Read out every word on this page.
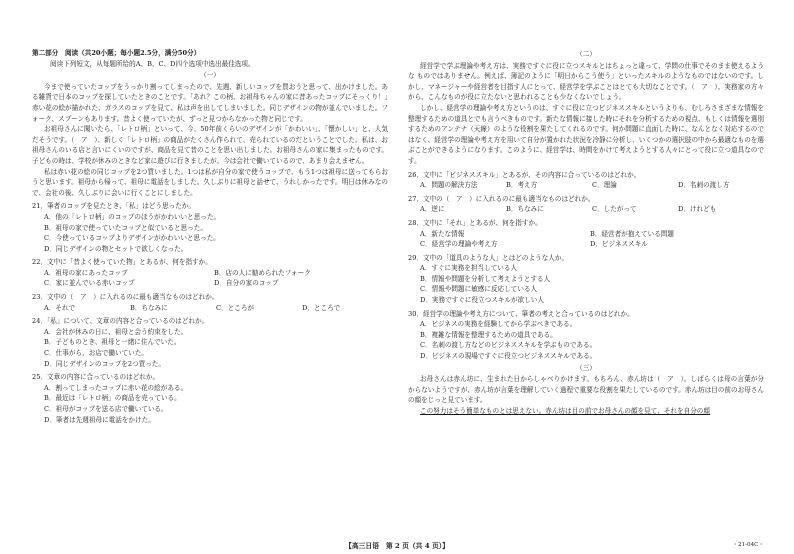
第二部分　阅读（共20小题；每小题2.5分，满分50分）

阅读下列短文，从每题所给的A、B、C、D四个选项中选出最佳选项。

（一）

今まで使っていたコップをうっかり割ってしまったので、先週、新しいコップを買おうと思って、出かけました。ある雑貨で日本のコップを探していたときのことです。「あれ？この柄、お祖母ちゃんの家に昔あったコップにそっくり！」赤い花の絵が描かれた、ガラスのコップを見て、私は声を出してしまいました。同じデザインの物が並んでいました。フォーク、スプーンもあります。昔よく使っていたが、ずっと見つからなかった物と同じです。

お祖母さんに聞いたら、「レトロ柄」といって、今、50年前くらいのデザインが「かわいい」、「懐かしい」と、人気だそうです。（　ア　）、新しく「レトロ柄」の商品がたくさん作られて、売られているのだということでした。私は、お祖母さんのいる店と言いにくいのですが、商品を見て昔のことを思い出しました。お祖母さんの家に集まったものです。子どもの時は、学校が休みのときなど家に遊びに行きましたが、今は会社で働いているので、あまり会えません。

私は赤い花の絵の同じコップを2つ買いました。1つは私が自分の家で使うコップで、もう1つは祖母に送ってもらおうと思います。祖母から帰って、祖母に電話をしました。久しぶりに祖母と話せて、うれしかったです。明日は休みなので、会社の後、久しぶりに会いに行くことにしました。

21．筆者のコップを見たとき、「私」はどう思ったか。

A．他の「レトロ柄」のコップのほうがかわいいと思った。

B．祖母の家で使っていたコップと似ていると思った。

C．今使っているコップよりデザインがかわいいと思った。

D．同じデザインの物とセットで欲しくなった。

22．文中に「昔よく使っていた物」とあるが、何を指すか。

A．祖母の家にあったコップ	B．店の人に勧められたフォーク
C．家に並んでいる赤いコップ	D．自分の家のコップ

23．文中の（　ア　）に入れるのに最も適当なものはどれか。

A．それで	B．ちなみに	C．ところが	D．ところで

24．「私」について、文章の内容と合っているのはどれか。

A．会社が休みの日に、祖母と会う約束をした。

B．子どものとき、祖母と一緒に住んでいた。

C．仕事がら、お店で働いていた。

D．同じデザインのコップを2つ買った。

25．文章の内容に合っているのはどれか。

A．割ってしまったコップに赤い花の絵がある。

B．最近は「レトロ柄」の商品を売っている。

C．祖母がコップを送る店で働いている。

D．筆者は先週祖母に電話をかけた。

（二）

経営学で学ぶ理論や考え方は、実務ですぐに役に立つスキルとはちょっと違って、学問の仕事でそのまま使えるような ものではありません。例えば、簿記のように「明日からこう使う」といったスキルのようなものではないのです。しかし、マネージャーや経営者を目指す人にとって、経営学を学ぶことはとても大切なことです。（　ア　）、実務家の方々から、こんなものが役に立たないと思われることも少なくないでしょう。

しかし、経営学の理論や考え方というのは、すぐに役に立つビジネススキルというよりも、むしろさまざまな情報を整理するための道具とでも言うべきものです。新たな情報に接した時にそれを分析するための視点、もしくは情報を選別するためのアンテナ（天線）のような役割を果たしてくれるのです。何か問題に直面した時に、なんとなく対応するのではなく、経営学の理論や考え方を用いて自分が置かれた状況を冷静に分析し、いくつかの選択肢の中から最適なものを選ぶことができるようになります。このように、経営学は、時間をかけて考えようとする人々にとって役に立つ道具なのです。

26．文中に「ビジネススキル」とあるが、その内容に合っているのはどれか。

A．問題の解決方法	B．考え方	C．理論	D．名刺の渡し方

27．文中の（　ア　）に入れるのに最も適当なものはどれか。

A．逆に	B．ちなみに	C．したがって	D．けれども

28．文中に「それ」とあるが、何を指すか。

A．新たな情報	B．経営者が抱えている問題
C．経営学の理論や考え方	D．ビジネススキル

29．文中の「道具のような人」とはどのような人か。

A．すぐに実務を担当している人

B．情報や問題を分析して考えようとする人

C．情報や問題に敏感に反応している人

D．実務ですぐに役立つスキルが欲しい人

30．経営学の理論や考え方について、筆者の考えと合っているのはどれか。

A．ビジネスの実務を経験してから学ぶべきである。

B．複雑な情報を整理するための道具である。

C．名刺の渡し方などのビジネススキルを学ぶものである。

D．ビジネスの現場ですぐに役立つビジネススキルである。

（三）

お母さんは赤ん坊に、生まれた日からしゃべりかけます。もちろん、赤ん坊は（　ア　）。しばらくは母の言葉が分からないようですが、赤ん坊が言葉を理解していく過程で重要な役割を果たしているのです。赤ん坊は目の前のお母さんの顔をじっと見ています。

この努力はそう簡単なものとは思えない。赤ん坊は目の前でお母さんの顔を見て、それを自分の顔

【高三日语　第 2 页（共 4 页）】	・21-04C・
